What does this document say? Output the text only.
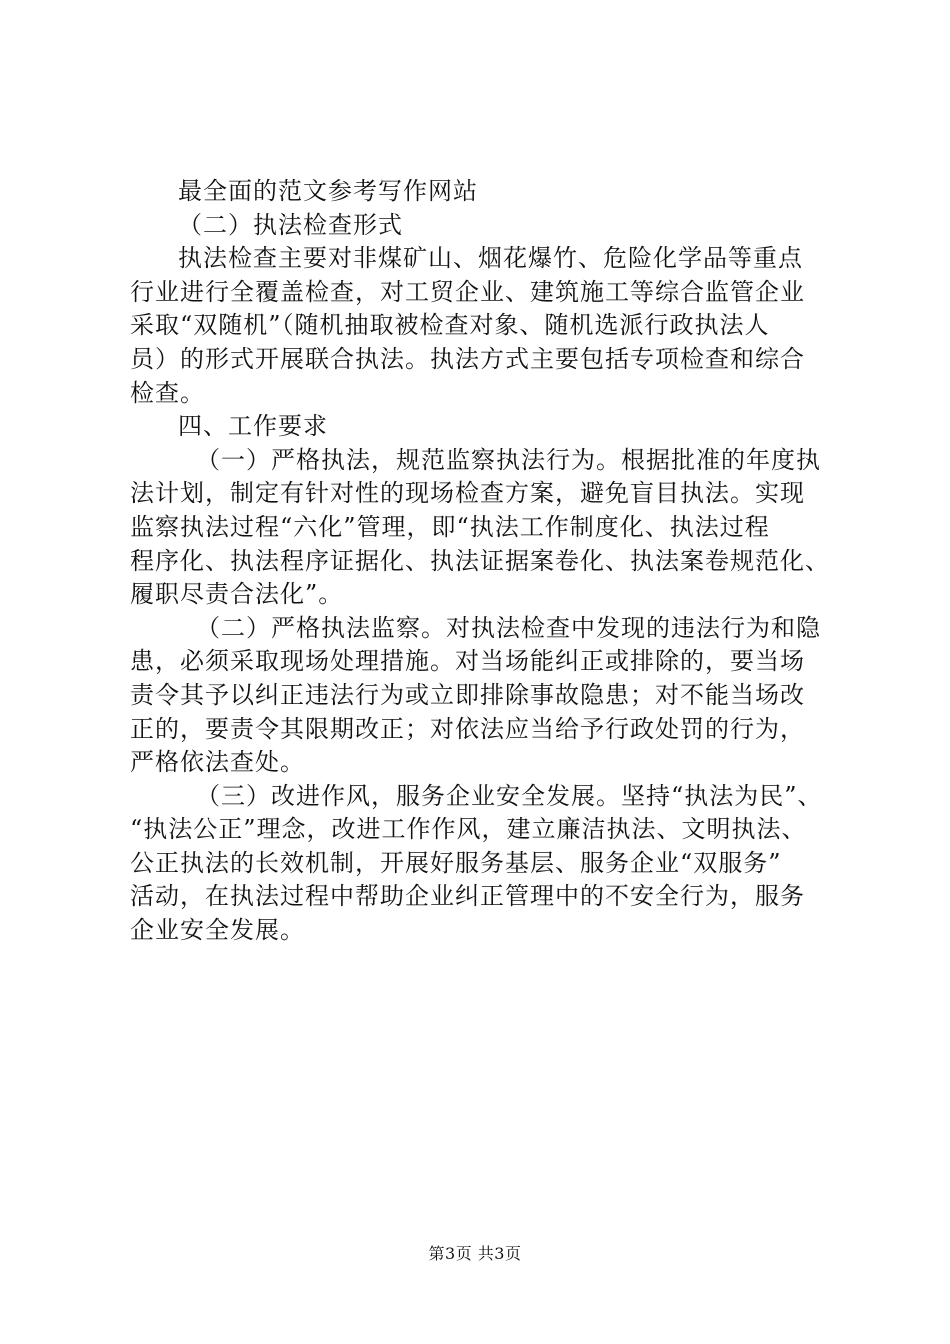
最全面的范文参考写作网站

（二）执法检查形式

执法检查主要对非煤矿山、烟花爆竹、危险化学品等重点

行业进行全覆盖检查，对工贸企业、建筑施工等综合监管企业

采取“双随机”（随机抽取被检查对象、随机选派行政执法人

员）的形式开展联合执法。执法方式主要包括专项检查和综合

检查。

四、工作要求

（一）严格执法，规范监察执法行为。根据批准的年度执

法计划，制定有针对性的现场检查方案，避免盲目执法。实现

监察执法过程“六化”管理，即“执法工作制度化、执法过程

程序化、执法程序证据化、执法证据案卷化、执法案卷规范化、

履职尽责合法化”。

（二）严格执法监察。对执法检查中发现的违法行为和隐

患，必须采取现场处理措施。对当场能纠正或排除的，要当场

责令其予以纠正违法行为或立即排除事故隐患；对不能当场改

正的，要责令其限期改正；对依法应当给予行政处罚的行为，

严格依法查处。

（三）改进作风，服务企业安全发展。坚持“执法为民”、

“执法公正”理念，改进工作作风，建立廉洁执法、文明执法、

公正执法的长效机制，开展好服务基层、服务企业“双服务”

活动，在执法过程中帮助企业纠正管理中的不安全行为，服务

企业安全发展。

第3页 共3页
